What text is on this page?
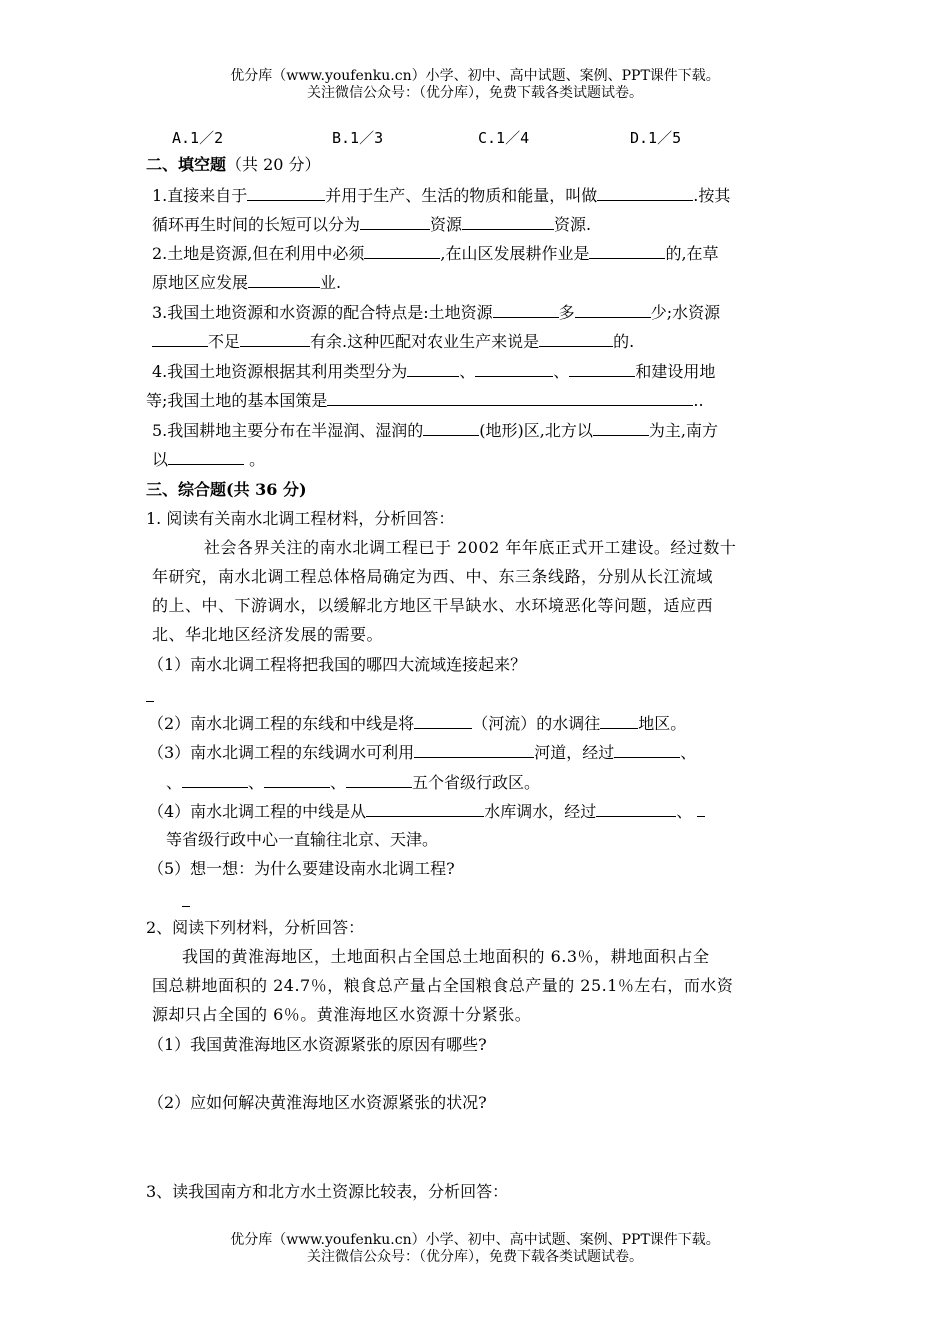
优分库（www.youfenku.cn）小学、初中、高中试题、案例、PPT课件下载。
关注微信公众号：（优分库），免费下载各类试题试卷。
A.1／2	B.1／3	C.1／4	D.1／5
二、填空题（共 20 分）
1.直接来自于	并用于生产、生活的物质和能量，叫做	.按其
循环再生时间的长短可以分为	资源	资源.
2.土地是资源,但在利用中必须	,在山区发展耕作业是	的,在草
原地区应发展	业.
3.我国土地资源和水资源的配合特点是:土地资源	多	少;水资源
不足	有余.这种匹配对农业生产来说是	的.
4.我国土地资源根据其利用类型分为	、	、	和建设用地
等;我国土地的基本国策是	..
5.我国耕地主要分布在半湿润、湿润的	(地形)区,北方以	为主,南方
以	。
三、综合题(共 36 分)
1. 阅读有关南水北调工程材料，分析回答：
社会各界关注的南水北调工程已于 2002 年年底正式开工建设。经过数十
年研究，南水北调工程总体格局确定为西、中、东三条线路，分别从长江流域
的上、中、下游调水，以缓解北方地区干旱缺水、水环境恶化等问题，适应西
北、华北地区经济发展的需要。
（1）南水北调工程将把我国的哪四大流域连接起来？
（2）南水北调工程的东线和中线是将	（河流）的水调往 地区。
（3）南水北调工程的东线调水可利用	河道，经过	、
、	、	、	五个省级行政区。
（4）南水北调工程的中线是从	水库调水，经过	、
等省级行政中心一直输往北京、天津。
（5）想一想：为什么要建设南水北调工程?
2、阅读下列材料，分析回答：
我国的黄淮海地区，土地面积占全国总土地面积的 6.3％，耕地面积占全
国总耕地面积的 24.7％，粮食总产量占全国粮食总产量的 25.1％左右，而水资
源却只占全国的 6％。黄淮海地区水资源十分紧张。
（1）我国黄淮海地区水资源紧张的原因有哪些?
（2）应如何解决黄淮海地区水资源紧张的状况?
3、读我国南方和北方水土资源比较表，分析回答：
优分库（www.youfenku.cn）小学、初中、高中试题、案例、PPT课件下载。
关注微信公众号：（优分库），免费下载各类试题试卷。
